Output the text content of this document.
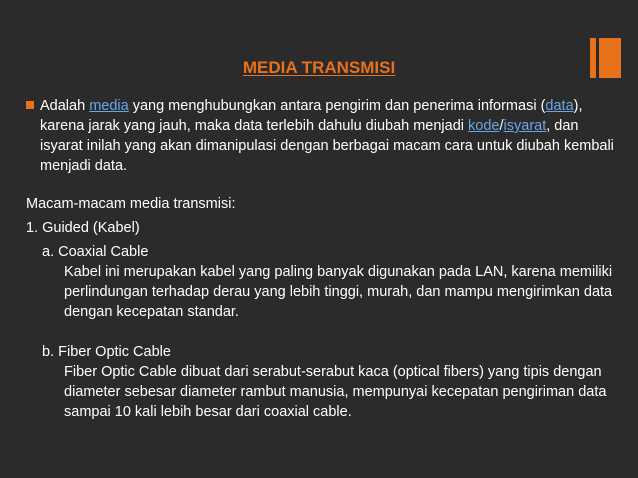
MEDIA TRANSMISI
Adalah media yang menghubungkan antara pengirim dan penerima informasi (data), karena jarak yang jauh, maka data terlebih dahulu diubah menjadi kode/isyarat, dan isyarat inilah yang akan dimanipulasi dengan berbagai macam cara untuk diubah kembali menjadi data.

Macam-macam media transmisi:

1. Guided (Kabel)

a. Coaxial Cable
Kabel ini merupakan kabel yang paling banyak digunakan pada LAN, karena memiliki perlindungan terhadap derau yang lebih tinggi, murah, dan mampu mengirimkan data dengan kecepatan standar.
b. Fiber Optic Cable
Fiber Optic Cable dibuat dari serabut-serabut kaca (optical fibers) yang tipis dengan diameter sebesar diameter rambut manusia, mempunyai kecepatan pengiriman data sampai 10 kali lebih besar dari coaxial cable.
